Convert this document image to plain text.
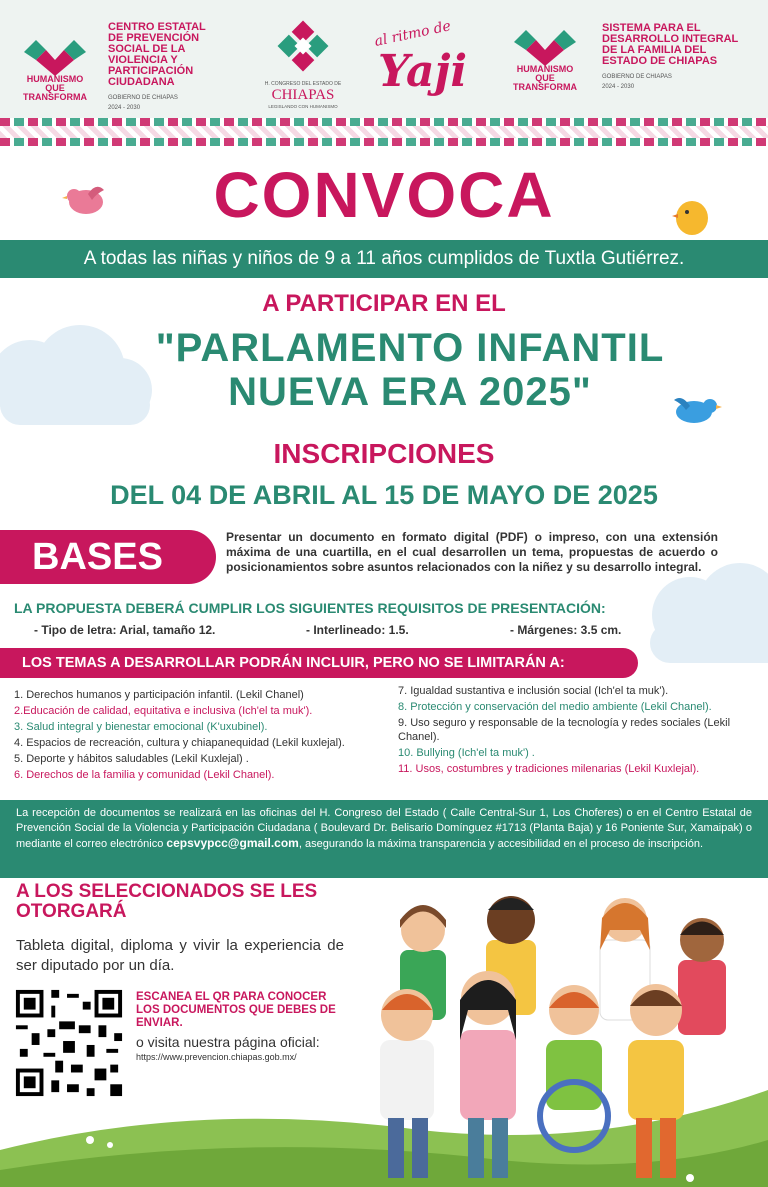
HUMANISMO QUE TRANSFORMA
CENTRO ESTATAL DE PREVENCIÓN SOCIAL DE LA VIOLENCIA Y PARTICIPACIÓN CIUDADANA
GOBIERNO DE CHIAPAS
2024 - 2030
H. CONGRESO DEL ESTADO DE
CHIAPAS
LEGISLANDO CON HUMANISMO
al ritmo de
Yaji	HUMANISMO QUE TRANSFORMA
SISTEMA PARA EL DESARROLLO INTEGRAL DE LA FAMILIA DEL ESTADO DE CHIAPAS
GOBIERNO DE CHIAPAS
2024 - 2030
CONVOCA
A todas las niñas y niños de 9 a 11 años cumplidos de Tuxtla Gutiérrez.
A PARTICIPAR EN EL
"PARLAMENTO INFANTIL
NUEVA ERA 2025"
INSCRIPCIONES
DEL 04 DE ABRIL AL 15 DE MAYO DE 2025
BASES	Presentar un documento en formato digital (PDF) o impreso, con una extensión máxima de una cuartilla, en el cual desarrollen un tema, propuestas de acuerdo o posicionamientos sobre asuntos relacionados con la niñez y su desarrollo integral.
LA PROPUESTA DEBERÁ CUMPLIR LOS SIGUIENTES REQUISITOS DE PRESENTACIÓN:
- Tipo de letra: Arial, tamaño 12.	- Interlineado: 1.5.	- Márgenes: 3.5 cm.
LOS TEMAS A DESARROLLAR PODRÁN INCLUIR, PERO NO SE LIMITARÁN A:
1. Derechos humanos y participación infantil. (Lekil Chanel)
2.Educación de calidad, equitativa e inclusiva (Ich'el ta muk').
3. Salud integral y bienestar emocional (K'uxubinel).
4. Espacios de recreación, cultura y chiapanequidad (Lekil kuxlejal).
5. Deporte y hábitos saludables (Lekil Kuxlejal) .
6. Derechos de la familia y comunidad (Lekil Chanel).
7. Igualdad sustantiva e inclusión social (Ich'el ta muk').
8. Protección y conservación del medio ambiente (Lekil Chanel).
9. Uso seguro y responsable de la tecnología y redes sociales (Lekil Chanel).
10. Bullying (Ich'el ta muk') .
11. Usos, costumbres y tradiciones milenarias (Lekil Kuxlejal).
La recepción de documentos se realizará en las oficinas del H. Congreso del Estado ( Calle Central-Sur 1, Los Choferes) o en el Centro Estatal de Prevención Social de la Violencia y Participación Ciudadana ( Boulevard Dr. Belisario Domínguez #1713 (Planta Baja) y 16 Poniente Sur, Xamaipak) o mediante el correo electrónico cepsvypcc@gmail.com, asegurando la máxima transparencia y accesibilidad en el proceso de inscripción.
A LOS SELECCIONADOS SE LES OTORGARÁ
Tableta digital, diploma y vivir la experiencia de ser diputado por un día.
ESCANEA EL QR PARA CONOCER LOS DOCUMENTOS QUE DEBES DE ENVIAR.
o visita nuestra página oficial:
https://www.prevencion.chiapas.gob.mx/
